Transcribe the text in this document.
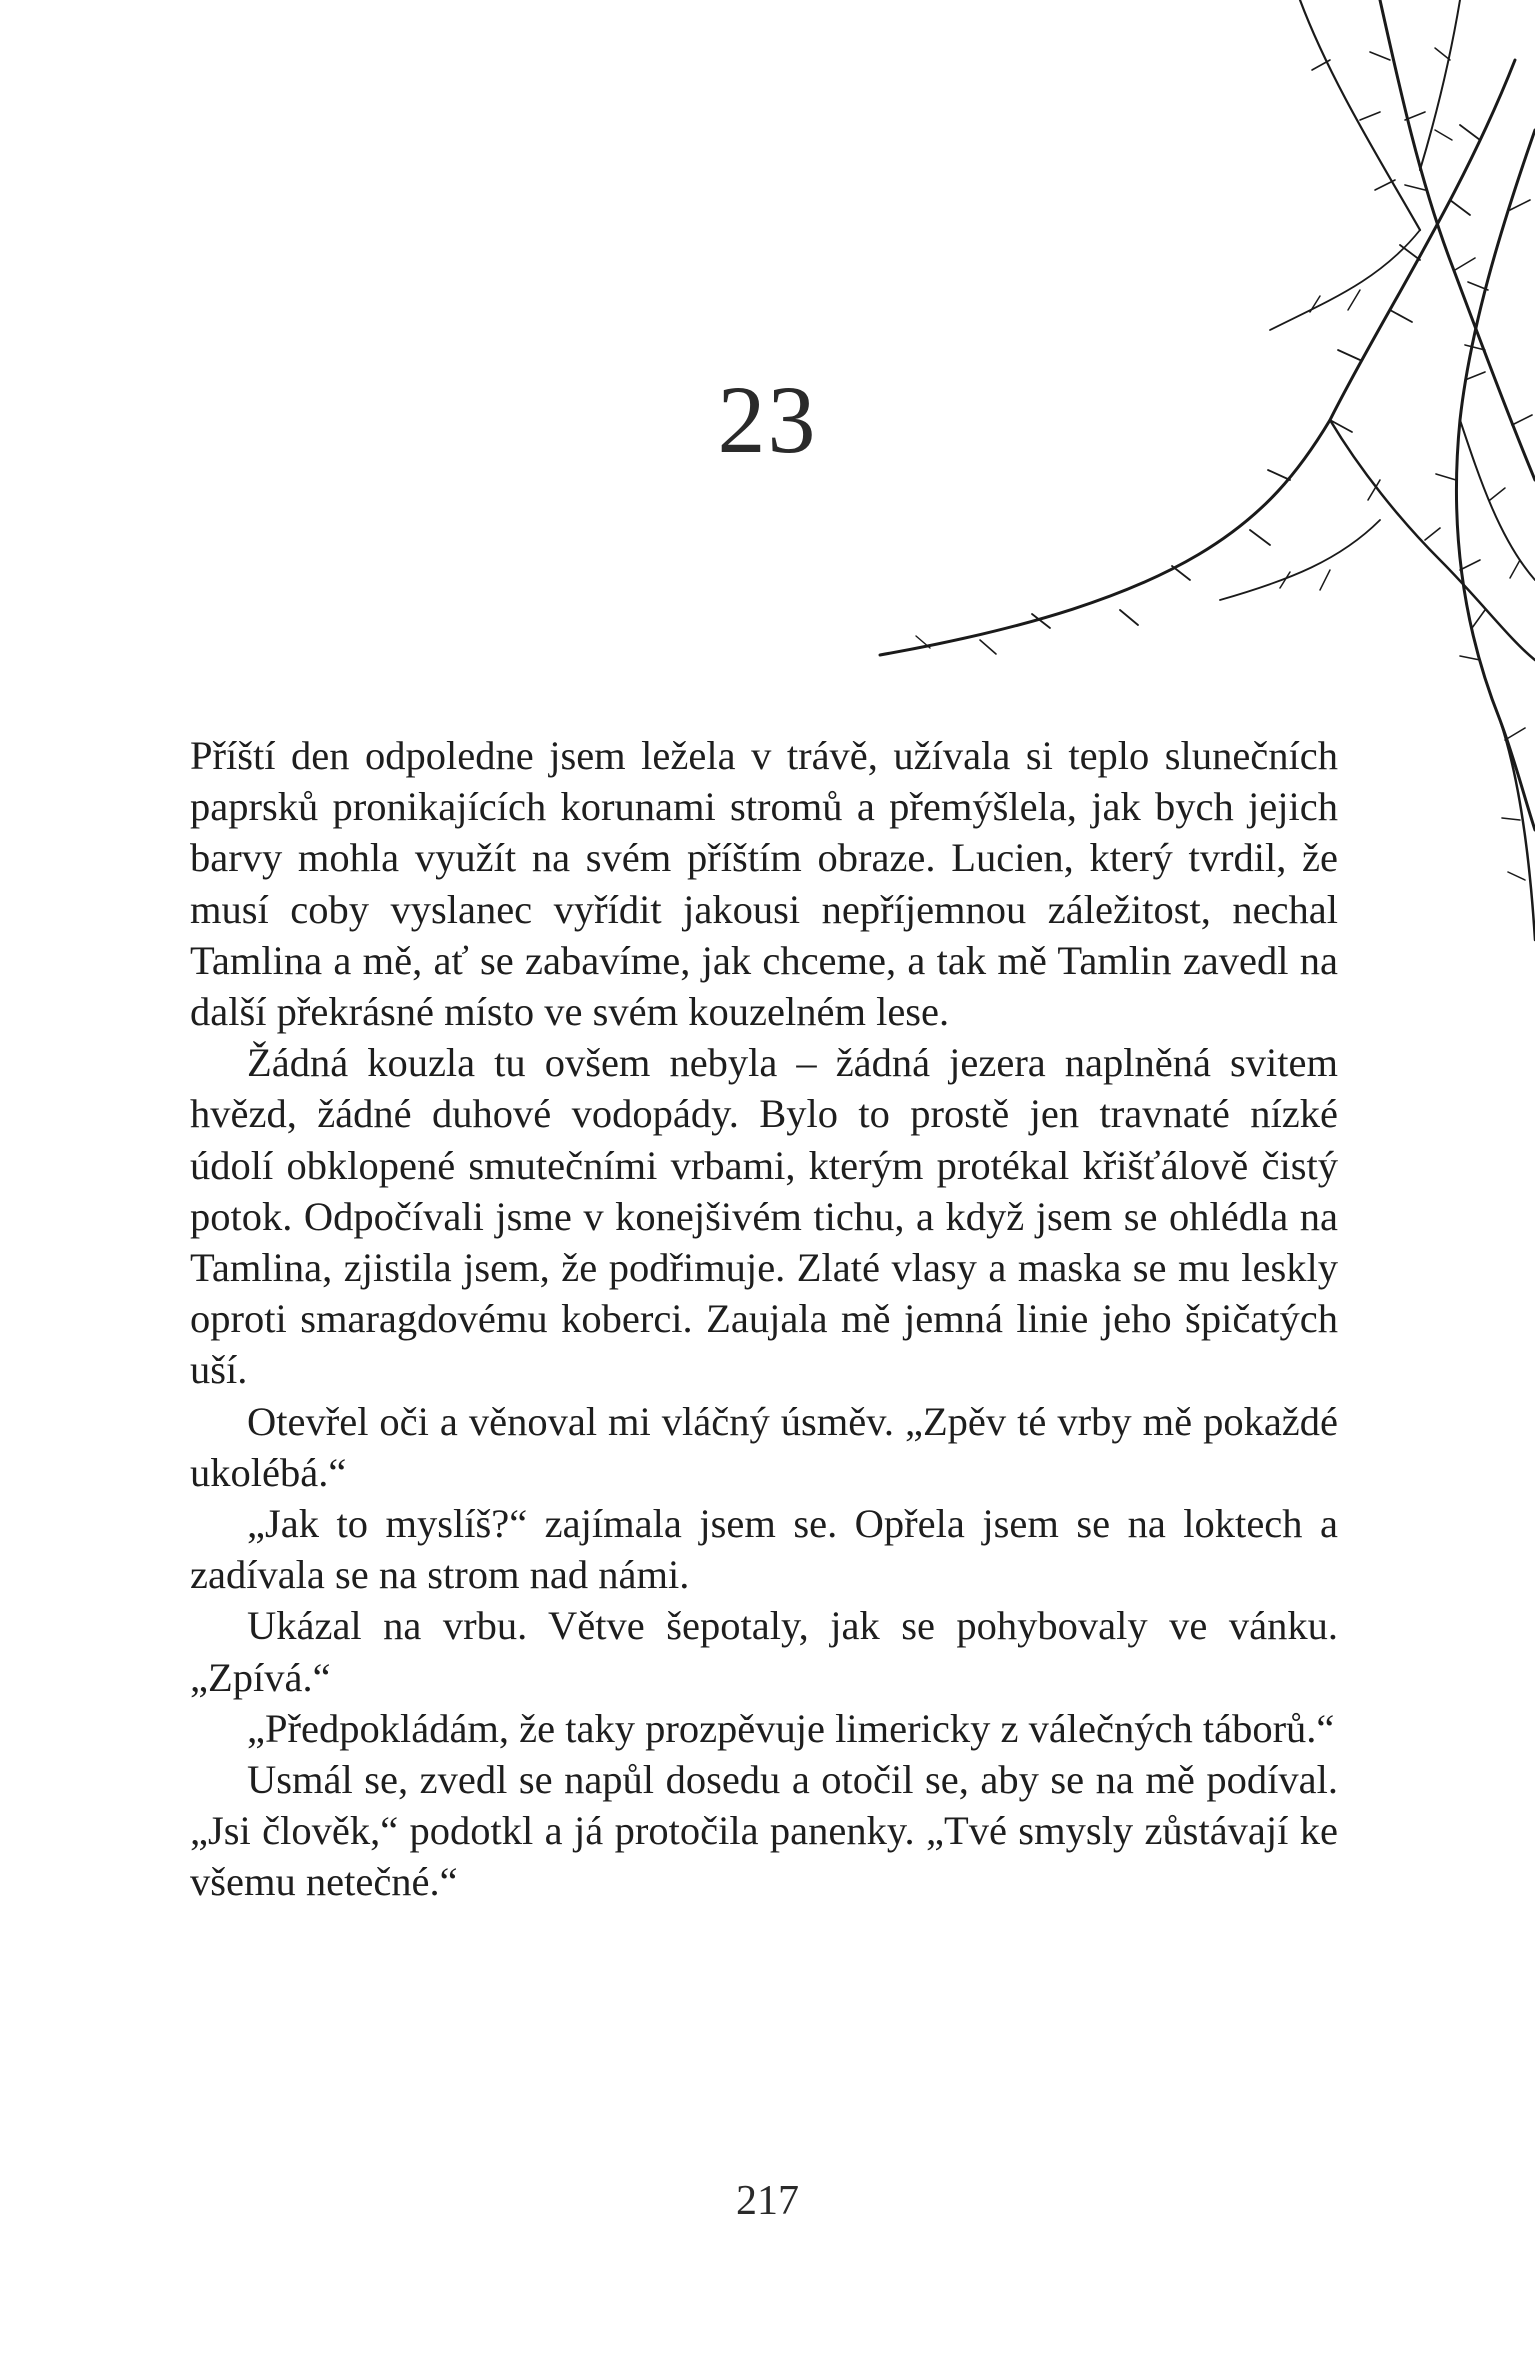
23

Příští den odpoledne jsem ležela v trávě, užívala si teplo slunečních paprsků pronikajících korunami stromů a přemýšlela, jak bych jejich barvy mohla využít na svém příštím obraze. Lucien, který tvrdil, že musí coby vyslanec vyřídit jakousi nepříjemnou záležitost, nechal Tamlina a mě, ať se zabavíme, jak chceme, a tak mě Tamlin zavedl na další překrásné místo ve svém kouzelném lese.

Žádná kouzla tu ovšem nebyla – žádná jezera naplněná svitem hvězd, žádné duhové vodopády. Bylo to prostě jen travnaté nízké údolí obklopené smutečními vrbami, kterým protékal křišťálově čistý potok. Odpočívali jsme v konejšivém tichu, a když jsem se ohlédla na Tamlina, zjistila jsem, že podřimuje. Zlaté vlasy a maska se mu leskly oproti smaragdovému koberci. Zaujala mě jemná linie jeho špičatých uší.

Otevřel oči a věnoval mi vláčný úsměv. „Zpěv té vrby mě pokaždé ukolébá.“

„Jak to myslíš?“ zajímala jsem se. Opřela jsem se na loktech a zadívala se na strom nad námi.

Ukázal na vrbu. Větve šepotaly, jak se pohybovaly ve vánku. „Zpívá.“

„Předpokládám, že taky prozpěvuje limericky z válečných táborů.“

Usmál se, zvedl se napůl dosedu a otočil se, aby se na mě podíval. „Jsi člověk,“ podotkl a já protočila panenky. „Tvé smysly zůstávají ke všemu netečné.“

217
